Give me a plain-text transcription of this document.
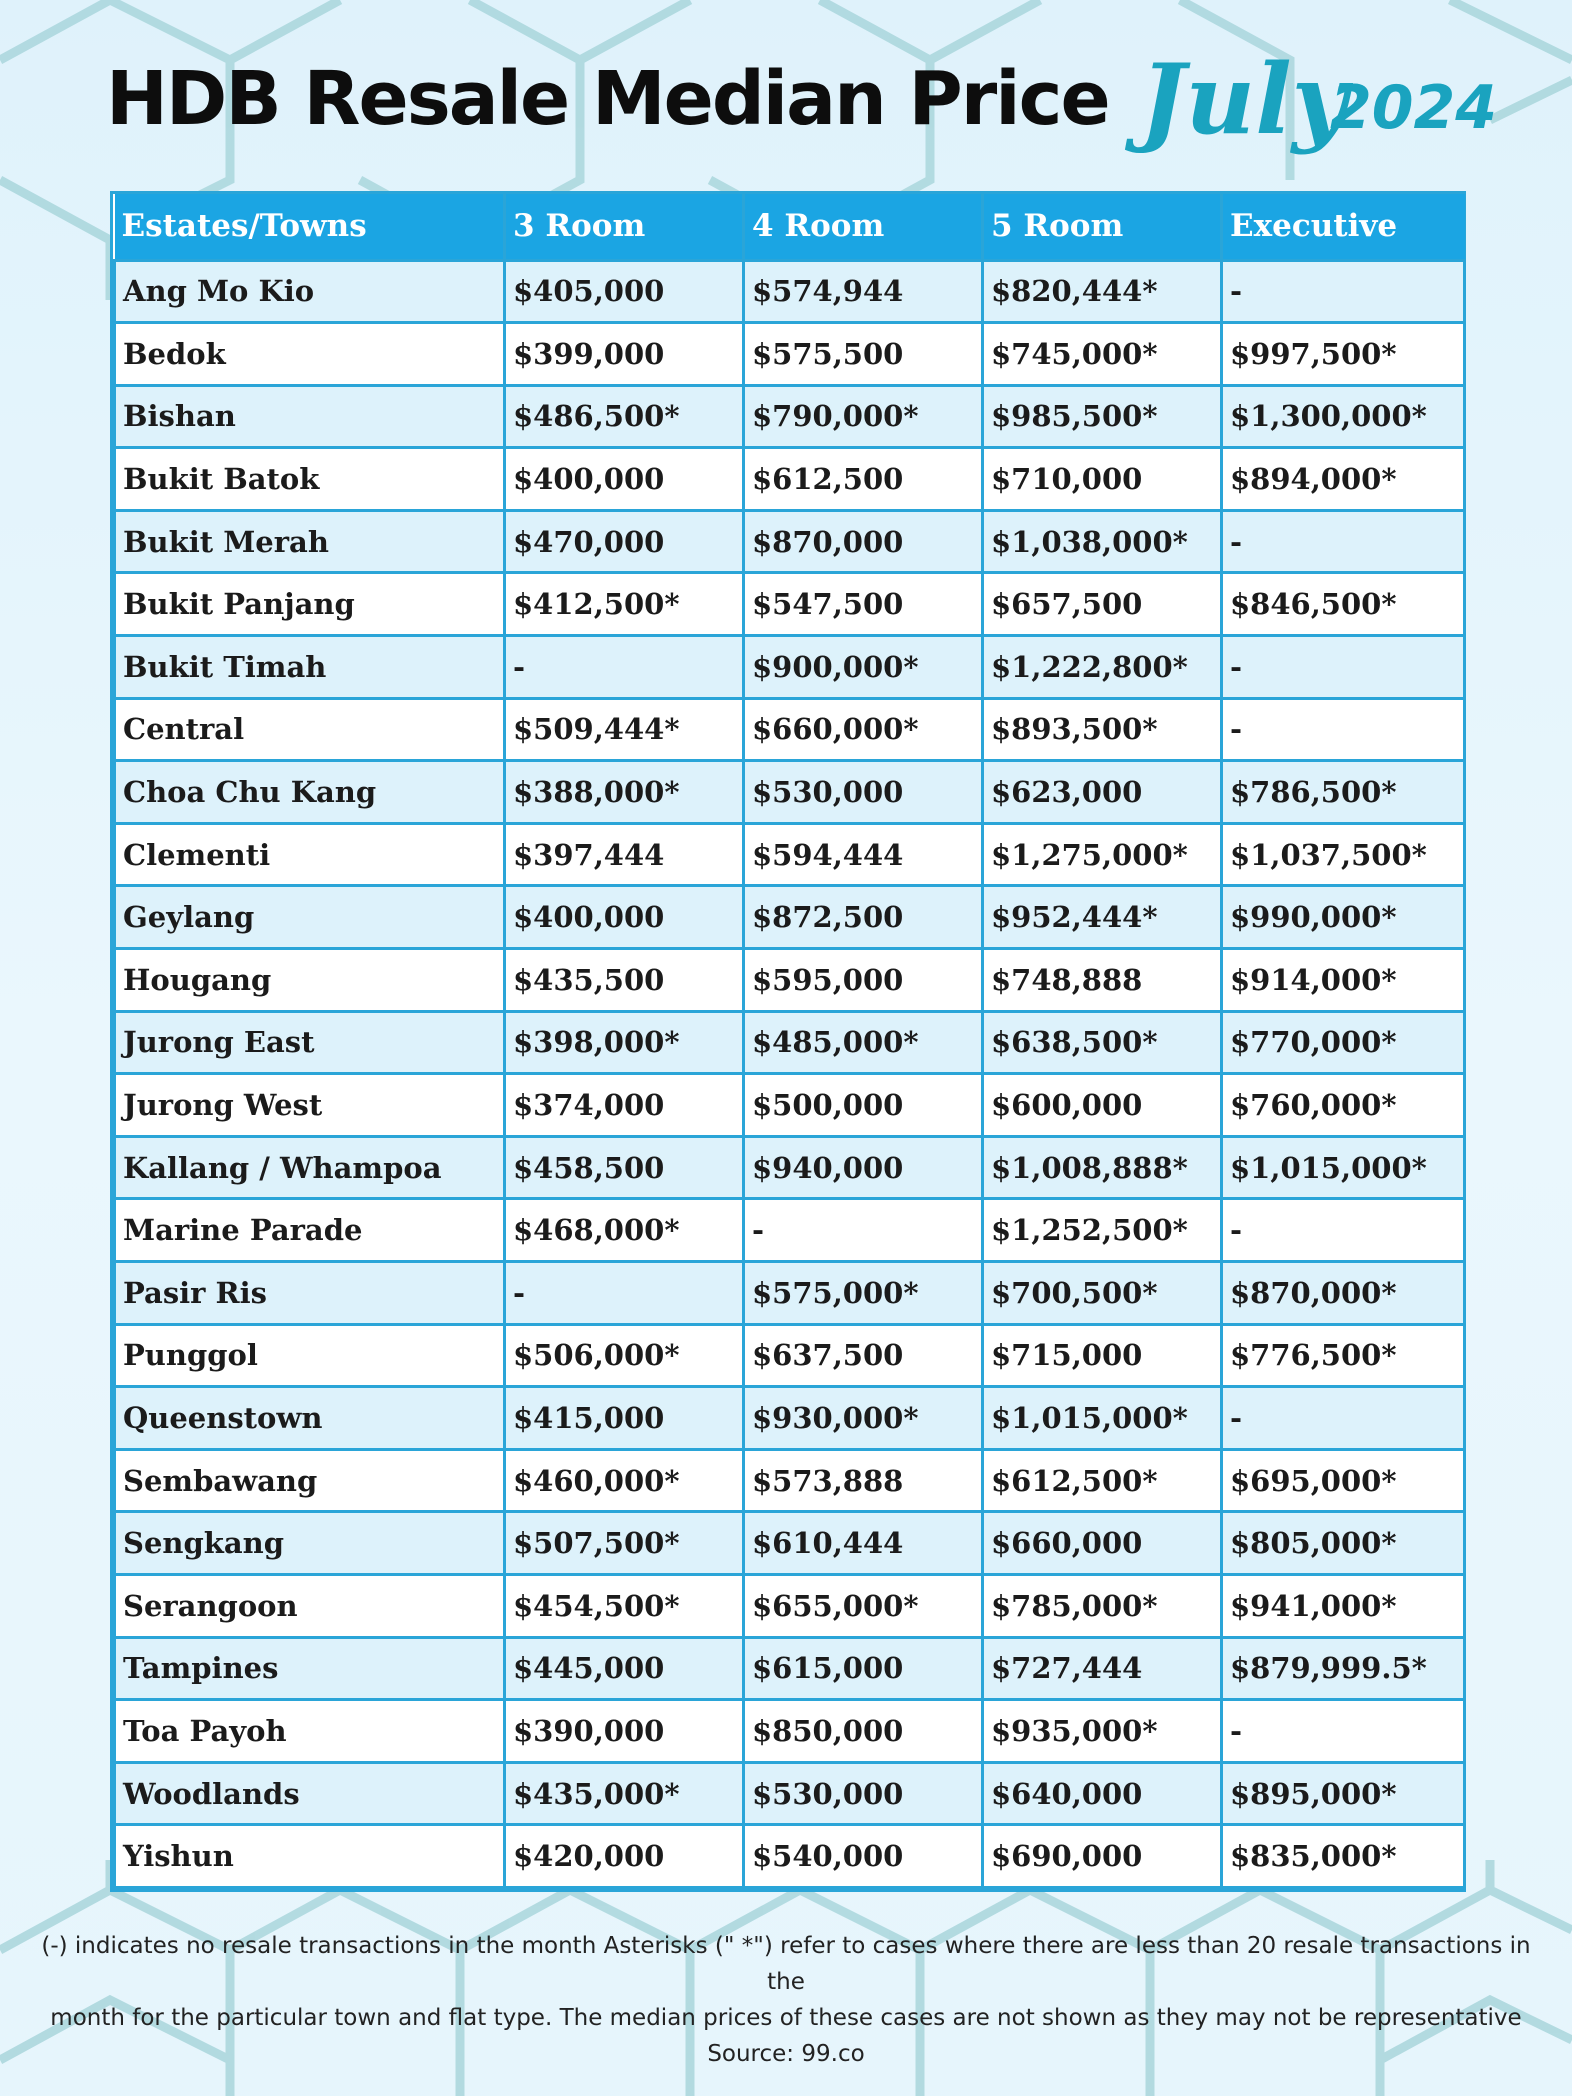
HDB Resale Median Price July
2024
Estates/Towns	3 Room	4 Room	5 Room	Executive
Ang Mo Kio	$405,000	$574,944	$820,444*	-
Bedok	$399,000	$575,500	$745,000*	$997,500*
Bishan	$486,500*	$790,000*	$985,500*	$1,300,000*
Bukit Batok	$400,000	$612,500	$710,000	$894,000*
Bukit Merah	$470,000	$870,000	$1,038,000*	-
Bukit Panjang	$412,500*	$547,500	$657,500	$846,500*
Bukit Timah	-	$900,000*	$1,222,800*	-
Central	$509,444*	$660,000*	$893,500*	-
Choa Chu Kang	$388,000*	$530,000	$623,000	$786,500*
Clementi	$397,444	$594,444	$1,275,000*	$1,037,500*
Geylang	$400,000	$872,500	$952,444*	$990,000*
Hougang	$435,500	$595,000	$748,888	$914,000*
Jurong East	$398,000*	$485,000*	$638,500*	$770,000*
Jurong West	$374,000	$500,000	$600,000	$760,000*
Kallang / Whampoa	$458,500	$940,000	$1,008,888*	$1,015,000*
Marine Parade	$468,000*	-	$1,252,500*	-
Pasir Ris	-	$575,000*	$700,500*	$870,000*
Punggol	$506,000*	$637,500	$715,000	$776,500*
Queenstown	$415,000	$930,000*	$1,015,000*	-
Sembawang	$460,000*	$573,888	$612,500*	$695,000*
Sengkang	$507,500*	$610,444	$660,000	$805,000*
Serangoon	$454,500*	$655,000*	$785,000*	$941,000*
Tampines	$445,000	$615,000	$727,444	$879,999.5*
Toa Payoh	$390,000	$850,000	$935,000*	-
Woodlands	$435,000*	$530,000	$640,000	$895,000*
Yishun	$420,000	$540,000	$690,000	$835,000*

(-) indicates no resale transactions in the month Asterisks (" *") refer to cases where there are less than 20 resale transactions in the

month for the particular town and flat type. The median prices of these cases are not shown as they may not be representative

Source: 99.co
